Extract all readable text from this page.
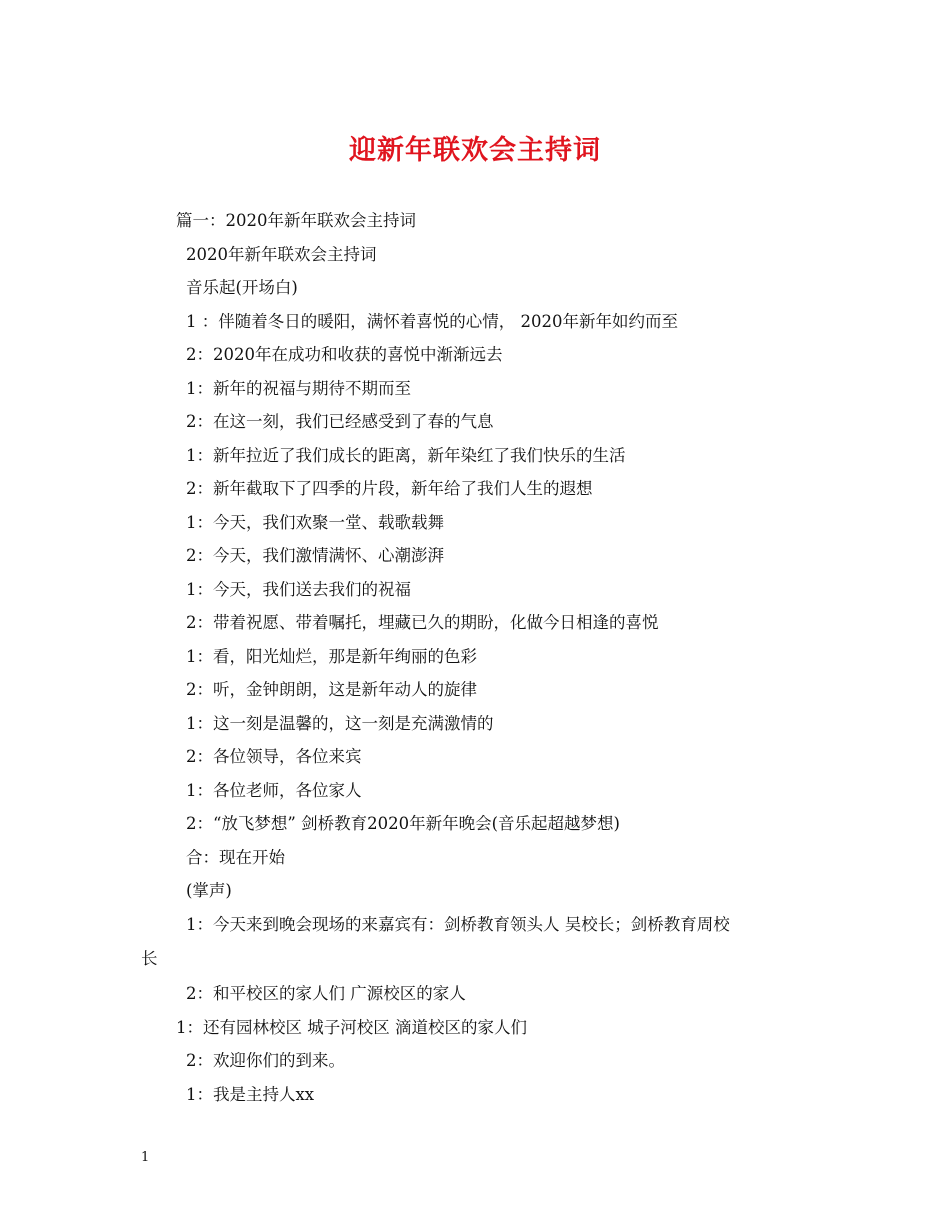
迎新年联欢会主持词
篇一：2020年新年联欢会主持词
2020年新年联欢会主持词
音乐起(开场白)
1 ：伴随着冬日的暖阳，满怀着喜悦的心情， 2020年新年如约而至
2：2020年在成功和收获的喜悦中渐渐远去
1：新年的祝福与期待不期而至
2：在这一刻，我们已经感受到了春的气息
1：新年拉近了我们成长的距离，新年染红了我们快乐的生活
2：新年截取下了四季的片段，新年给了我们人生的遐想
1：今天，我们欢聚一堂、载歌载舞
2：今天，我们激情满怀、心潮澎湃
1：今天，我们送去我们的祝福
2：带着祝愿、带着嘱托，埋藏已久的期盼，化做今日相逢的喜悦
1：看，阳光灿烂，那是新年绚丽的色彩
2：听，金钟朗朗，这是新年动人的旋律
1：这一刻是温馨的，这一刻是充满激情的
2：各位领导，各位来宾
1：各位老师，各位家人
2：“放飞梦想” 剑桥教育2020年新年晚会(音乐起超越梦想)
合：现在开始
(掌声)
1：今天来到晚会现场的来嘉宾有：剑桥教育领头人 吴校长；剑桥教育周校
长
2：和平校区的家人们 广源校区的家人
1：还有园林校区 城子河校区 滴道校区的家人们
2：欢迎你们的到来。
1：我是主持人xx
1
